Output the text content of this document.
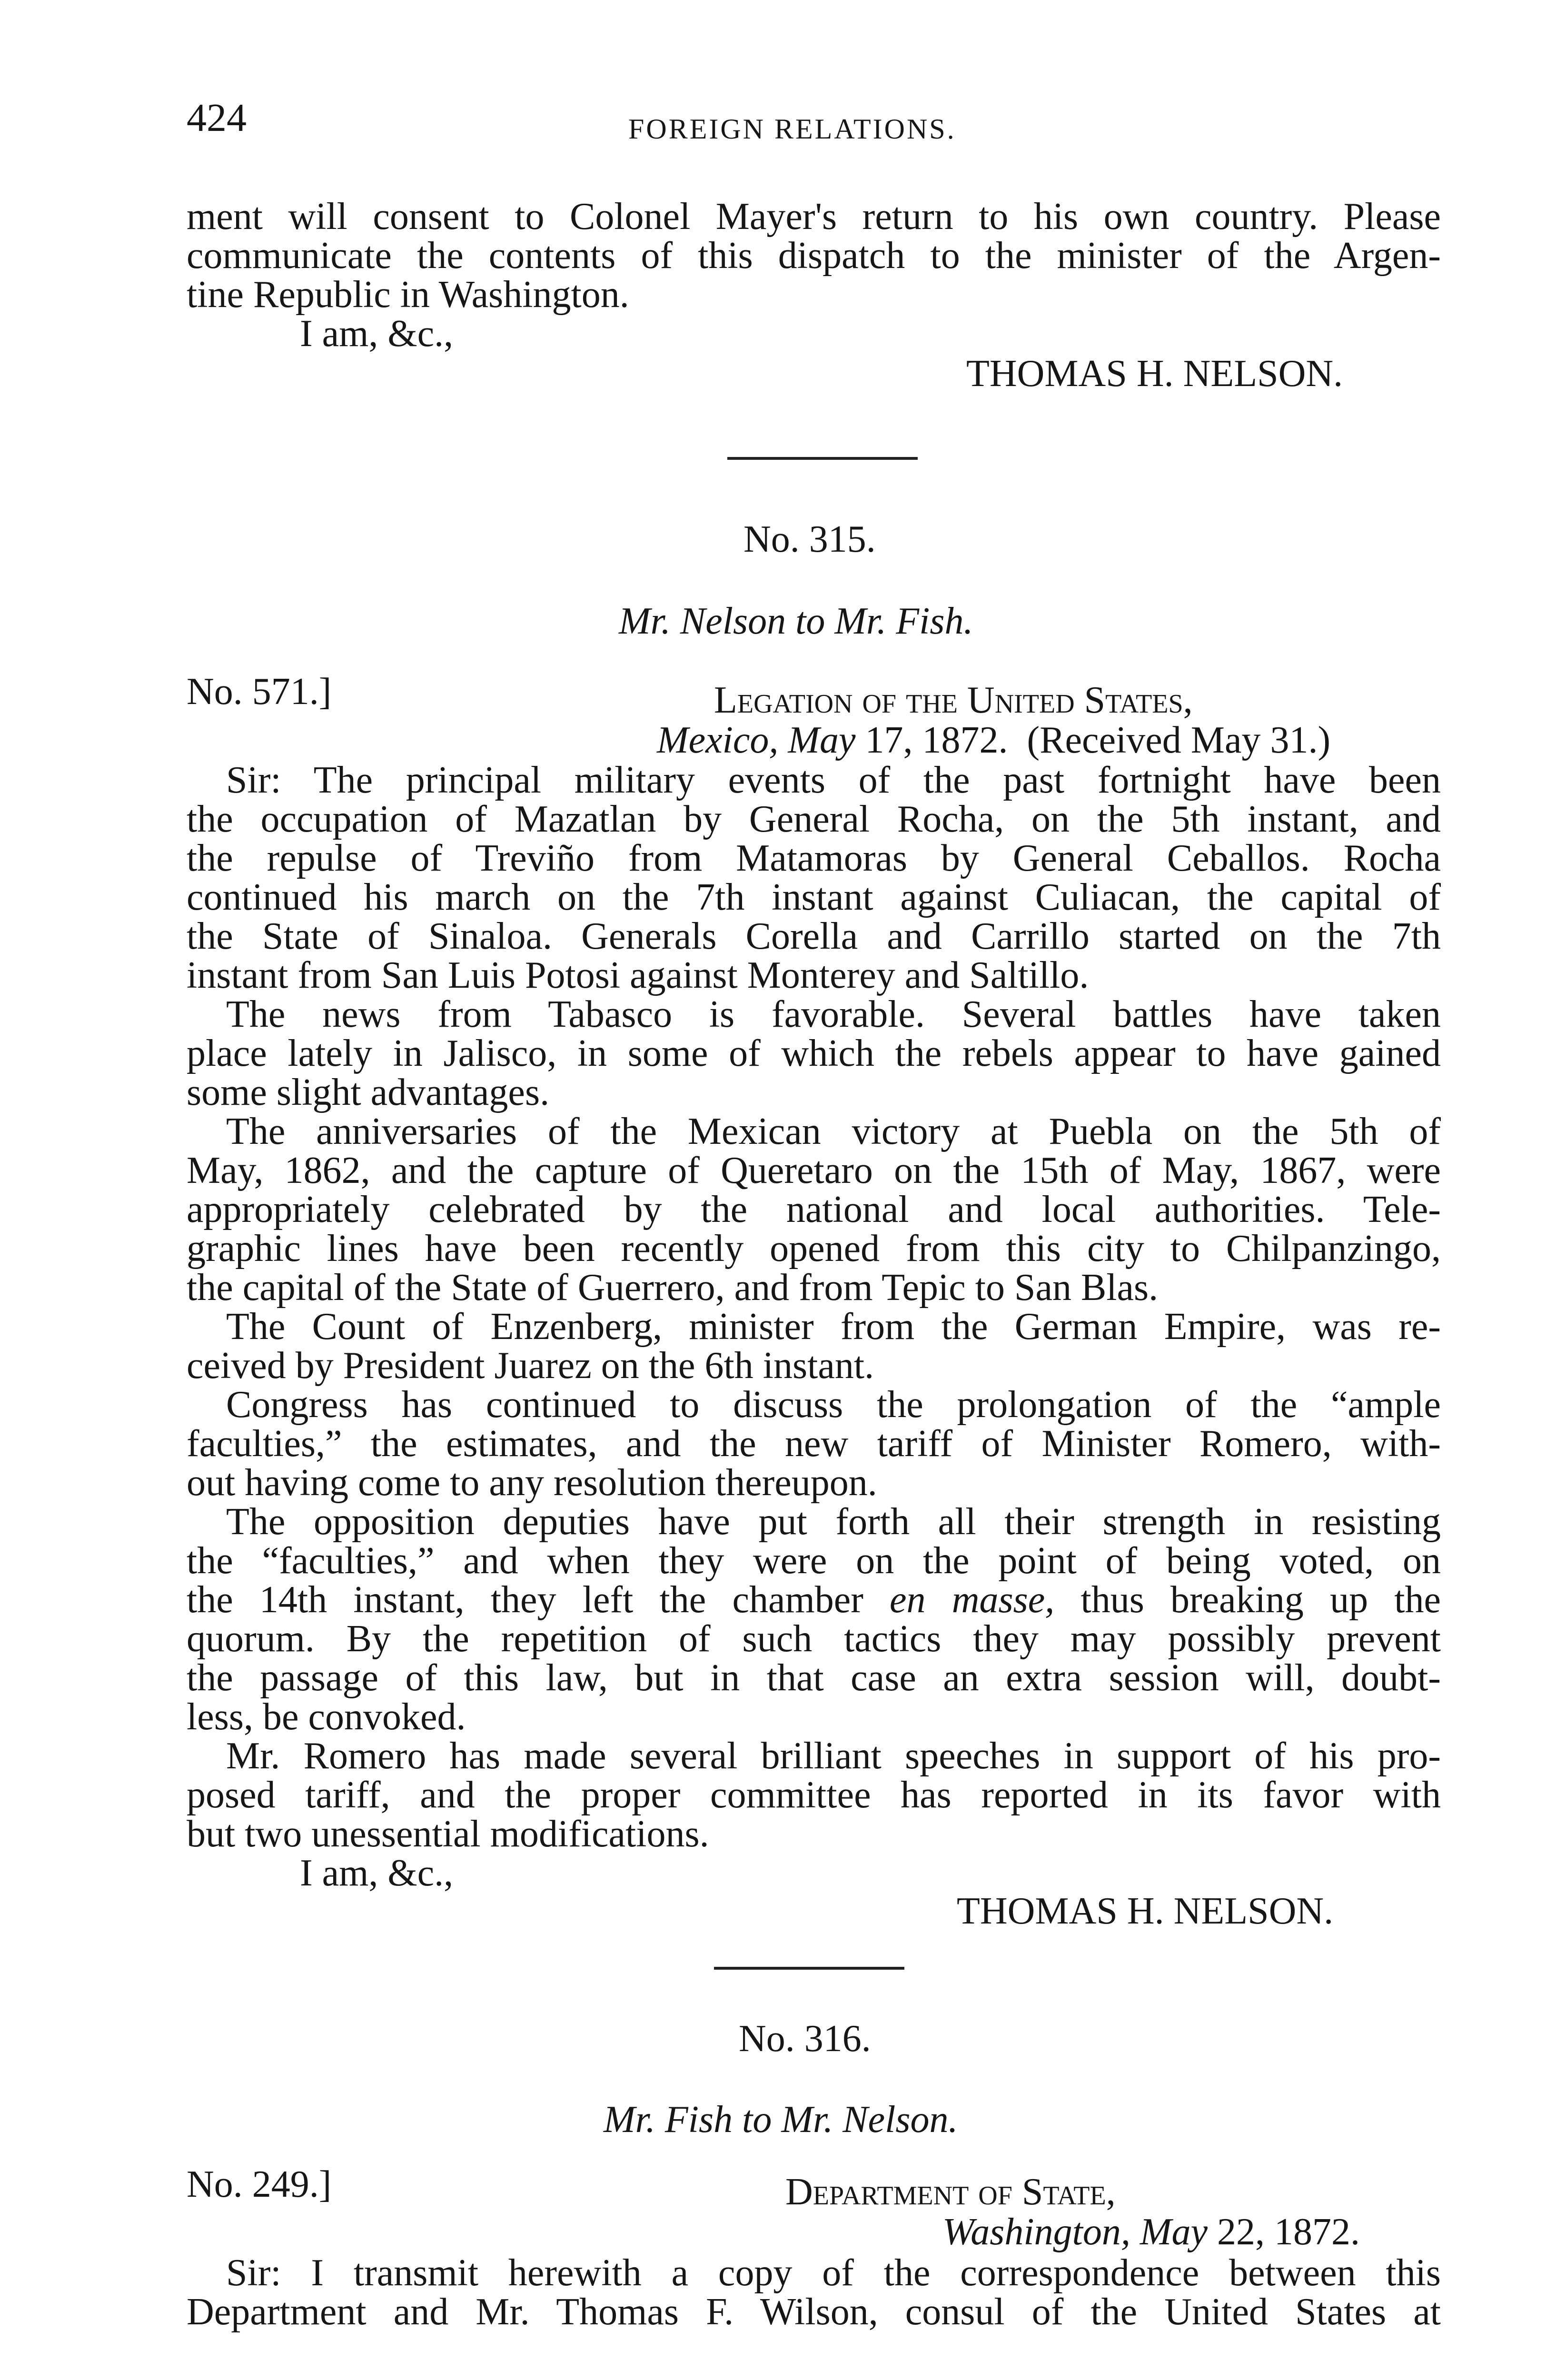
424	FOREIGN RELATIONS.
ment will consent to Colonel Mayer's return to his own country. Please
communicate the contents of this dispatch to the minister of the Argen-
tine Republic in Washington.
I am, &c.,
THOMAS H. NELSON.
No. 315.
Mr. Nelson to Mr. Fish.
No. 571.]	Legation of the United States,
Mexico, May 17, 1872. (Received May 31.)
Sir: The principal military events of the past fortnight have been
the occupation of Mazatlan by General Rocha, on the 5th instant, and
the repulse of Treviño from Matamoras by General Ceballos. Rocha
continued his march on the 7th instant against Culiacan, the capital of
the State of Sinaloa. Generals Corella and Carrillo started on the 7th
instant from San Luis Potosi against Monterey and Saltillo.
The news from Tabasco is favorable. Several battles have taken
place lately in Jalisco, in some of which the rebels appear to have gained
some slight advantages.
The anniversaries of the Mexican victory at Puebla on the 5th of
May, 1862, and the capture of Queretaro on the 15th of May, 1867, were
appropriately celebrated by the national and local authorities. Tele-
graphic lines have been recently opened from this city to Chilpanzingo,
the capital of the State of Guerrero, and from Tepic to San Blas.
The Count of Enzenberg, minister from the German Empire, was re-
ceived by President Juarez on the 6th instant.
Congress has continued to discuss the prolongation of the “ample
faculties,” the estimates, and the new tariff of Minister Romero, with-
out having come to any resolution thereupon.
The opposition deputies have put forth all their strength in resisting
the “faculties,” and when they were on the point of being voted, on
the 14th instant, they left the chamber en masse, thus breaking up the
quorum. By the repetition of such tactics they may possibly prevent
the passage of this law, but in that case an extra session will, doubt-
less, be convoked.
Mr. Romero has made several brilliant speeches in support of his pro-
posed tariff, and the proper committee has reported in its favor with
but two unessential modifications.
I am, &c.,
THOMAS H. NELSON.
No. 316.
Mr. Fish to Mr. Nelson.
No. 249.]	Department of State,
Washington, May 22, 1872.
Sir: I transmit herewith a copy of the correspondence between this
Department and Mr. Thomas F. Wilson, consul of the United States at
